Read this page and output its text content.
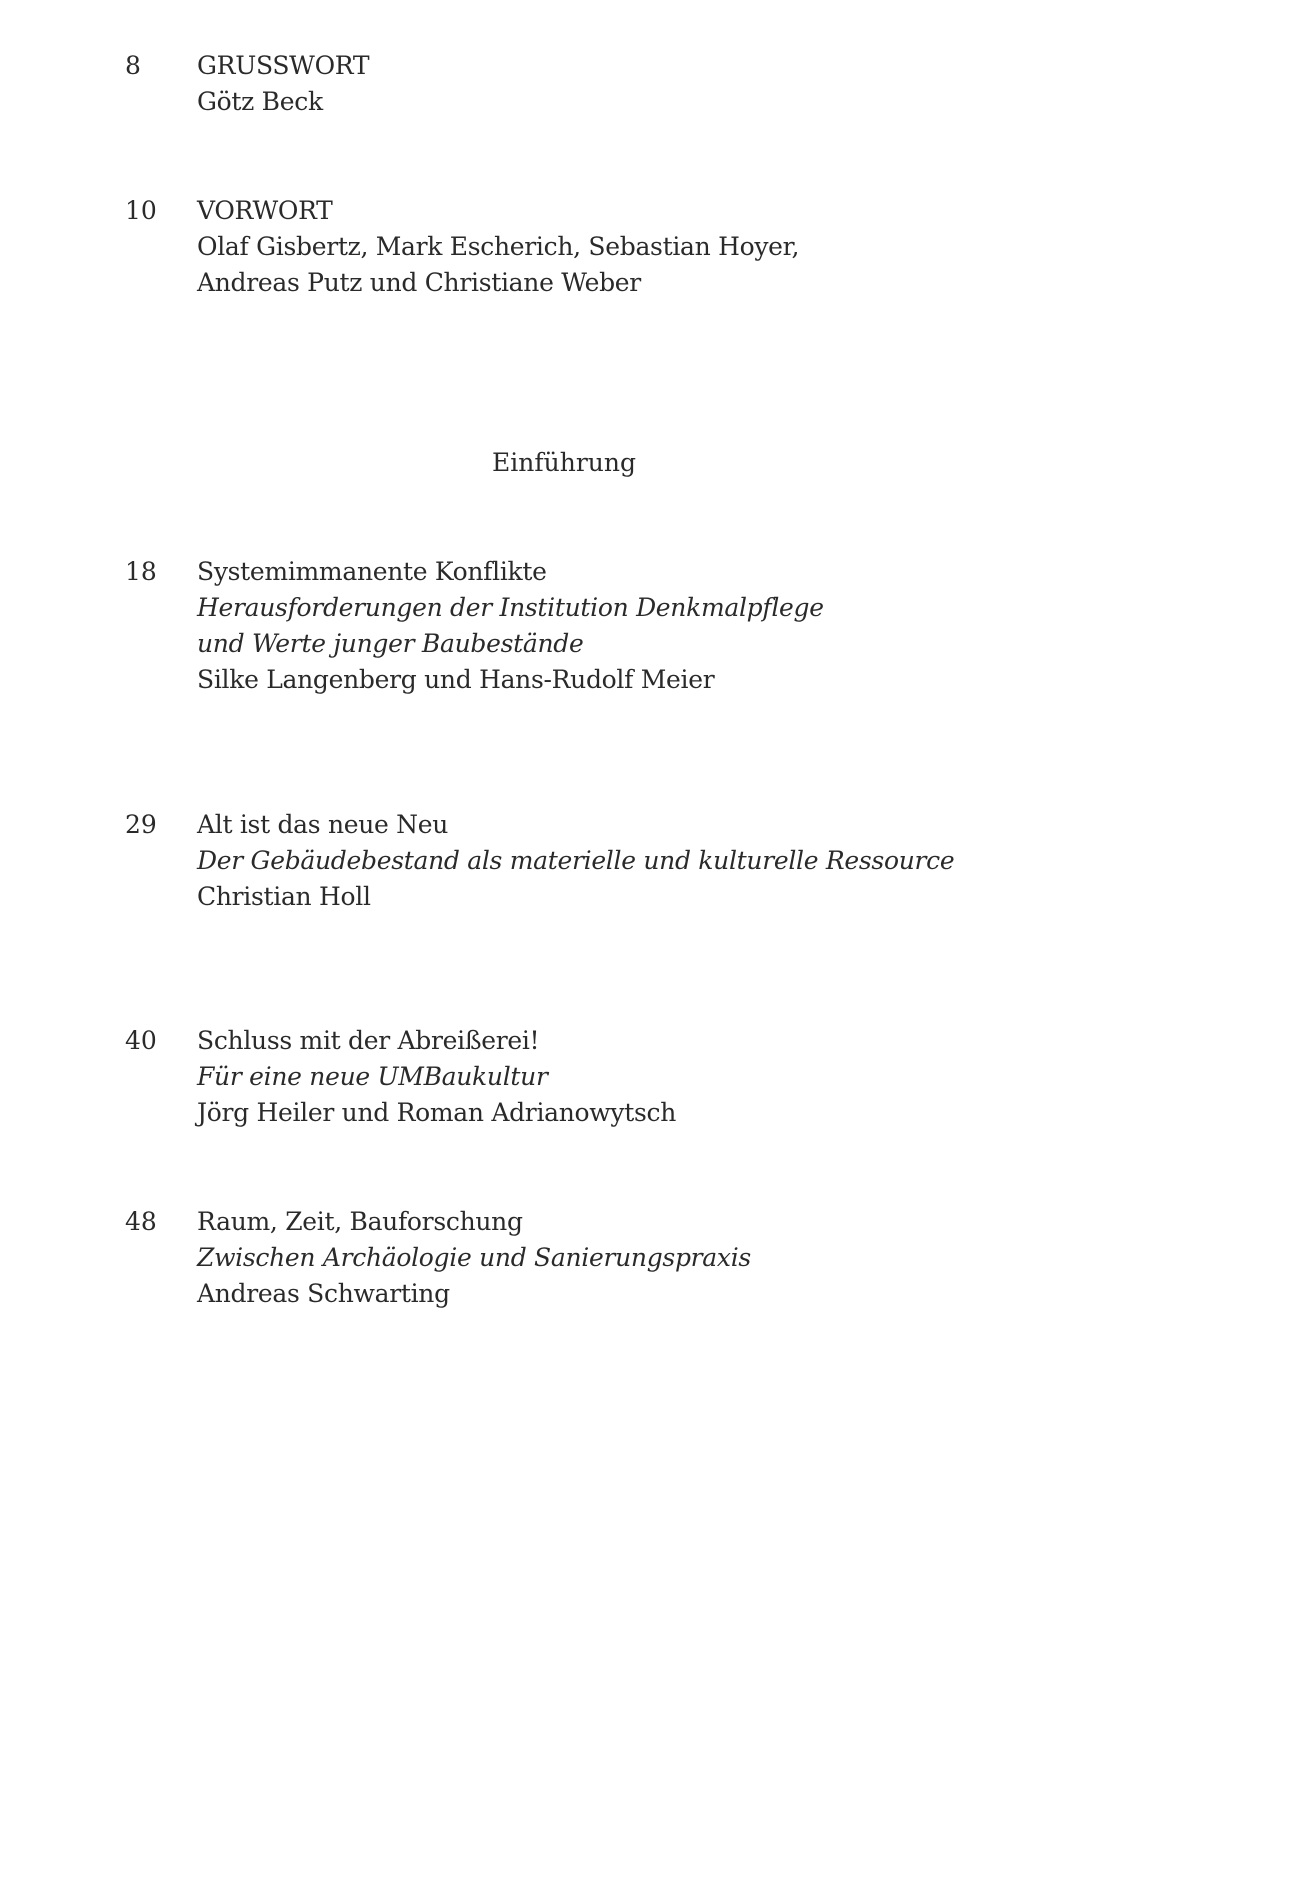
8 GRUSSWORT
Götz Beck
10 VORWORT
Olaf Gisbertz, Mark Escherich, Sebastian Hoyer,
Andreas Putz und Christiane Weber
Einführung
18 Systemimmanente Konflikte
Herausforderungen der Institution Denkmalpflege
und Werte junger Baubestände
Silke Langenberg und Hans-Rudolf Meier
29 Alt ist das neue Neu
Der Gebäudebestand als materielle und kulturelle Ressource
Christian Holl
40 Schluss mit der Abreißerei!
Für eine neue UMBaukultur
Jörg Heiler und Roman Adrianowytsch
48 Raum, Zeit, Bauforschung
Zwischen Archäologie und Sanierungspraxis
Andreas Schwarting
